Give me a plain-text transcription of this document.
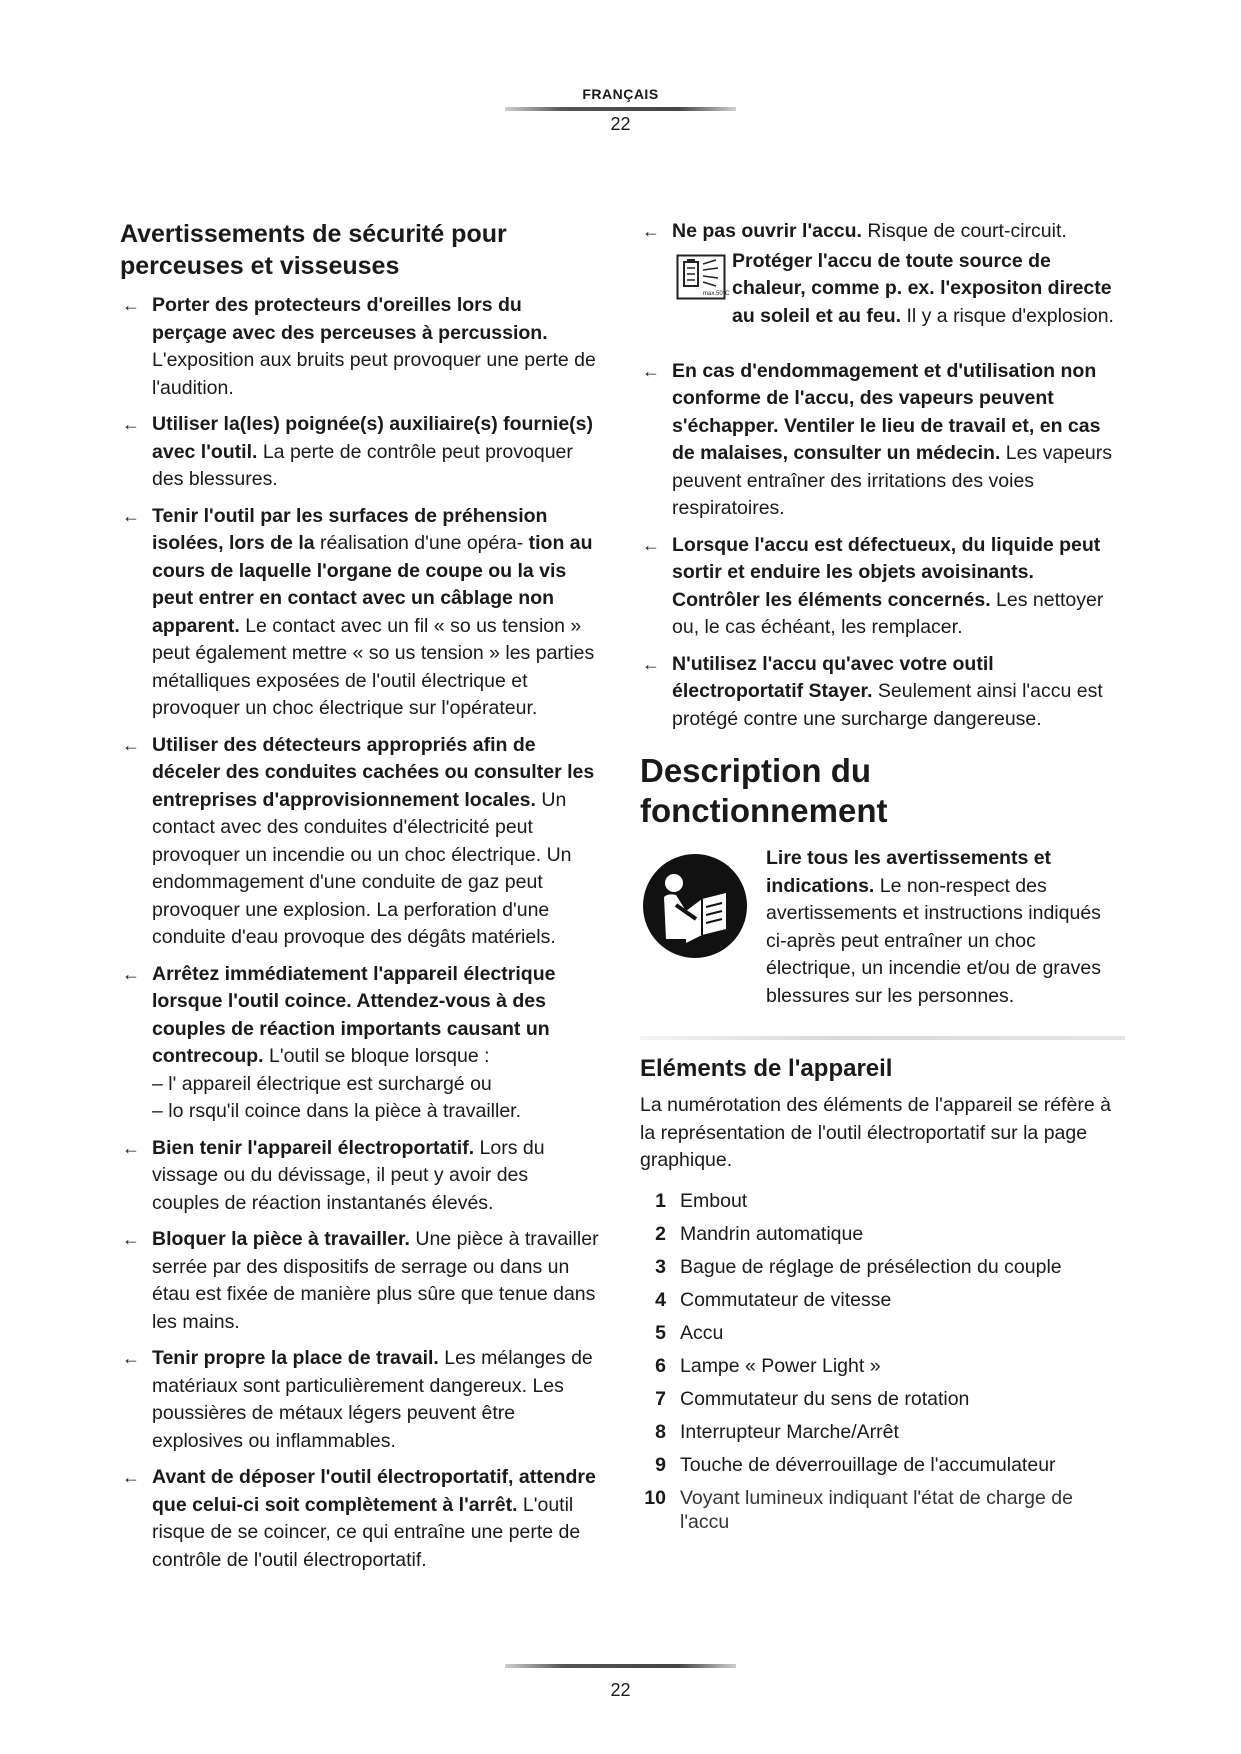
FRANÇAIS
22
Avertissements de sécurité pour perceuses et visseuses
← Porter des protecteurs d'oreilles lors du perçage avec des perceuses à percussion. L'exposition aux bruits peut provoquer une perte de l'audition.

← Utiliser la(les) poignée(s) auxiliaire(s) fournie(s) avec l'outil. La perte de contrôle peut provoquer des blessures.

← Tenir l'outil par les surfaces de préhension isolées, lors de la réalisation d'une opéra- tion au cours de laquelle l'organe de coupe ou la vis peut entrer en contact avec un câblage non apparent. Le contact avec un fil « so us tension » peut également mettre « so us tension » les parties métalliques exposées de l'outil électrique et provoquer un choc électrique sur l'opérateur.

← Utiliser des détecteurs appropriés afin de déceler des conduites cachées ou consulter les entreprises d'approvisionnement locales. Un contact avec des conduites d'électricité peut provoquer un incendie ou un choc électrique. Un endommagement d'une conduite de gaz peut provoquer une explosion. La perforation d'une conduite d'eau provoque des dégâts matériels.

← Arrêtez immédiatement l'appareil électrique lorsque l'outil coince. Attendez-vous à des couples de réaction importants causant un contrecoup. L'outil se bloque lorsque :

– l' appareil électrique est surchargé ou

– lo rsqu'il coince dans la pièce à travailler.

← Bien tenir l'appareil électroportatif. Lors du vissage ou du dévissage, il peut y avoir des couples de réaction instantanés élevés.

← Bloquer la pièce à travailler. Une pièce à travailler serrée par des dispositifs de serrage ou dans un étau est fixée de manière plus sûre que tenue dans les mains.

← Tenir propre la place de travail. Les mélanges de matériaux sont particulièrement dangereux. Les poussières de métaux légers peuvent être explosives ou inflammables.

← Avant de déposer l'outil électroportatif, attendre que celui-ci soit complètement à l'arrêt. L'outil risque de se coincer, ce qui entraîne une perte de contrôle de l'outil électroportatif.

← Ne pas ouvrir l'accu. Risque de court-circuit.

max.50°C

Protéger l'accu de toute source de chaleur, comme p. ex. l'expositon directe au soleil et au feu. Il y a risque d'explosion.

← En cas d'endommagement et d'utilisation non conforme de l'accu, des vapeurs peuvent s'échapper. Ventiler le lieu de travail et, en cas de malaises, consulter un médecin. Les vapeurs peuvent entraîner des irritations des voies respiratoires.

← Lorsque l'accu est défectueux, du liquide peut sortir et enduire les objets avoisinants. Contrôler les éléments concernés. Les nettoyer ou, le cas échéant, les remplacer.

← N'utilisez l'accu qu'avec votre outil électroportatif Stayer. Seulement ainsi l'accu est protégé contre une surcharge dangereuse.

Description du fonctionnement

Lire tous les avertissements et indications. Le non-respect des avertissements et instructions indiqués ci-après peut entraîner un choc électrique, un incendie et/ou de graves blessures sur les personnes.

Eléments de l'appareil

La numérotation des éléments de l'appareil se réfère à la représentation de l'outil électroportatif sur la page graphique.

1 Embout
2 Mandrin automatique
3 Bague de réglage de présélection du couple
4 Commutateur de vitesse
5 Accu
6 Lampe « Power Light »
7 Commutateur du sens de rotation
8 Interrupteur Marche/Arrêt
9 Touche de déverrouillage de l'accumulateur
10 Voyant lumineux indiquant l'état de charge de l'accu
22
